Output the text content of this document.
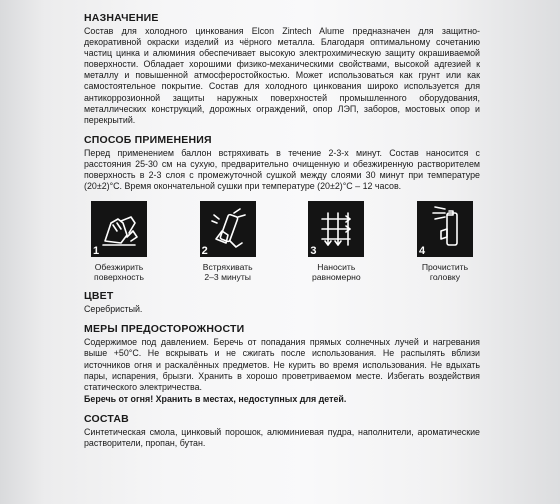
НАЗНАЧЕНИЕ

Состав для холодного цинкования Elcon Zintech Alume предназначен для защитно-декоративной окраски изделий из чёрного металла. Благодаря оптимальному сочетанию частиц цинка и алюминия обеспечивает высокую электрохимическую защиту окрашиваемой поверхности. Обладает хорошими физико-механическими свойствами, высокой адгезией к металлу и повышенной атмосферостойкостью. Может использоваться как грунт или как самостоятельное покрытие. Состав для холодного цинкования широко используется для антикоррозионной защиты наружных поверхностей промышленного оборудования, металлических конструкций, дорожных ограждений, опор ЛЭП, заборов, мостовых опор и перекрытий.

СПОСОБ ПРИМЕНЕНИЯ

Перед применением баллон встряхивать в течение 2-3-х минут. Состав наносится с расстояния 25-30 см на сухую, предварительно очищенную и обезжиренную растворителем поверхность в 2-3 слоя с промежуточной сушкой между слоями 30 минут при температуре (20±2)°С. Время окончательной сушки при температуре (20±2)°С – 12 часов.

1
Обезжирить
поверхность
2
Встряхивать
2–3 минуты
3
Наносить
равномерно
4
Прочистить
головку
ЦВЕТ

Серебристый.

МЕРЫ ПРЕДОСТОРОЖНОСТИ

Содержимое под давлением. Беречь от попадания прямых солнечных лучей и нагревания выше +50°С. Не вскрывать и не сжигать после использования. Не распылять вблизи источников огня и раскалённых предметов. Не курить во время использования. Не вдыхать пары, испарения, брызги. Хранить в хорошо проветриваемом месте. Избегать воздействия статического электричества.

Беречь от огня! Хранить в местах, недоступных для детей.

СОСТАВ

Синтетическая смола, цинковый порошок, алюминиевая пудра, наполнители, ароматические растворители, пропан, бутан.
